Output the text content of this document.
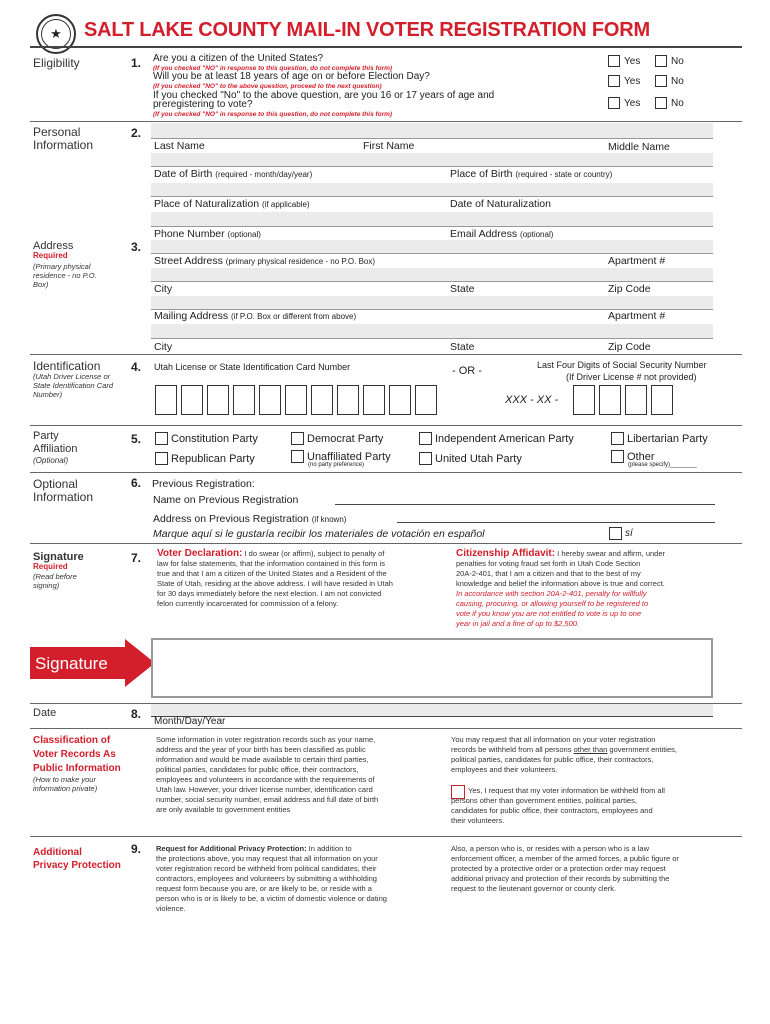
★	SALT LAKE COUNTY MAIL-IN VOTER REGISTRATION FORM
Eligibility	1. Are you a citizen of the United States?
(If you checked "NO" in response to this question, do not complete this form)
Will you be at least 18 years of age on or before Election Day?
(If you checked "NO" to the above question, proceed to the next question)
If you checked "No" to the above question, are you 16 or 17 years of age and
preregistering to vote?
(If you checked "NO" in response to this question, do not complete this form)
Yes	No
Yes	No
Yes	No
Personal
Information
2.
Last Name	First Name	Middle Name
Date of Birth (required - month/day/year)	Place of Birth (required - state or country)
Place of Naturalization (if applicable)	Date of Naturalization
Phone Number (optional)	Email Address (optional)
Address
Required
(Primary physical residence - no P.O. Box)
3.
Street Address (primary physical residence - no P.O. Box)	Apartment #
City	State	Zip Code
Mailing Address (if P.O. Box or different from above)	Apartment #
City	State	Zip Code
Identification
(Utah Driver License or State Identification Card Number)
4. Utah License or State Identification Card Number	- OR -	Last Four Digits of Social Security Number
(If Driver License # not provided)
XXX - XX -
Party
Affiliation
(Optional)
5.	Constitution Party	Democrat Party	Independent American Party	Libertarian Party
Republican Party	Unaffiliated Party
(no party preference)
United Utah Party	Other
(please specify)________
Optional
Information
6. Previous Registration:
Name on Previous Registration
Address on Previous Registration (if known)
Marque aquí si le gustaría recibir los materiales de votación en español	sí
Signature
Required
(Read before signing)
7. Voter Declaration: I do swear (or affirm), subject to penalty of
law for false statements, that the information contained in this form is
true and that I am a citizen of the United States and a Resident of the
State of Utah, residing at the above address. I will have resided in Utah
for 30 days immediately before the next election. I am not convicted
felon currently incarcerated for commission of a felony.
Citizenship Affidavit: I hereby swear and affirm, under
penalties for voting fraud set forth in Utah Code Section
20A-2-401, that I am a citizen and that to the best of my
knowledge and belief the information above is true and correct.
In accordance with section 20A-2-401, penalty for willfully
causing, procuring, or allowing yourself to be registered to
vote if you know you are not entitled to vote is up to one
year in jail and a fine of up to $2,500.
Signature
Date	8.
Month/Day/Year
Classification of
Voter Records As
Public Information
(How to make your information private)
Some information in voter registration records such as your name,
address and the year of your birth has been classified as public
information and would be made available to certain third parties,
political parties, candidates for public office, their contractors,
employees and volunteers in accordance with the requirements of
Utah law. However, your driver license number, identification card
number, social security number, email address and full date of birth
are only available to government entities
You may request that all information on your voter registration
records be withheld from all persons other than government entities,
political parties, candidates for public office, their contractors,
employees and their volunteers.
Yes, I request that my voter information be withheld from all
persons other than government entities, political parties,
candidates for public office, their contractors, employees and
their volunteers.
Additional
Privacy Protection
9. Request for Additional Privacy Protection: In addition to
the protections above, you may request that all information on your
voter registration record be withheld from political candidates, their
contractors, employees and volunteers by submitting a withholding
request form because you are, or are likely to be, or reside with a
person who is or is likely to be, a victim of domestic violence or dating
violence.
Also, a person who is, or resides with a person who is a law
enforcement officer, a member of the armed forces, a public figure or
protected by a protective order or a protection order may request
additional privacy and protection of their records by submitting the
request to the lieutenant governor or county clerk.
